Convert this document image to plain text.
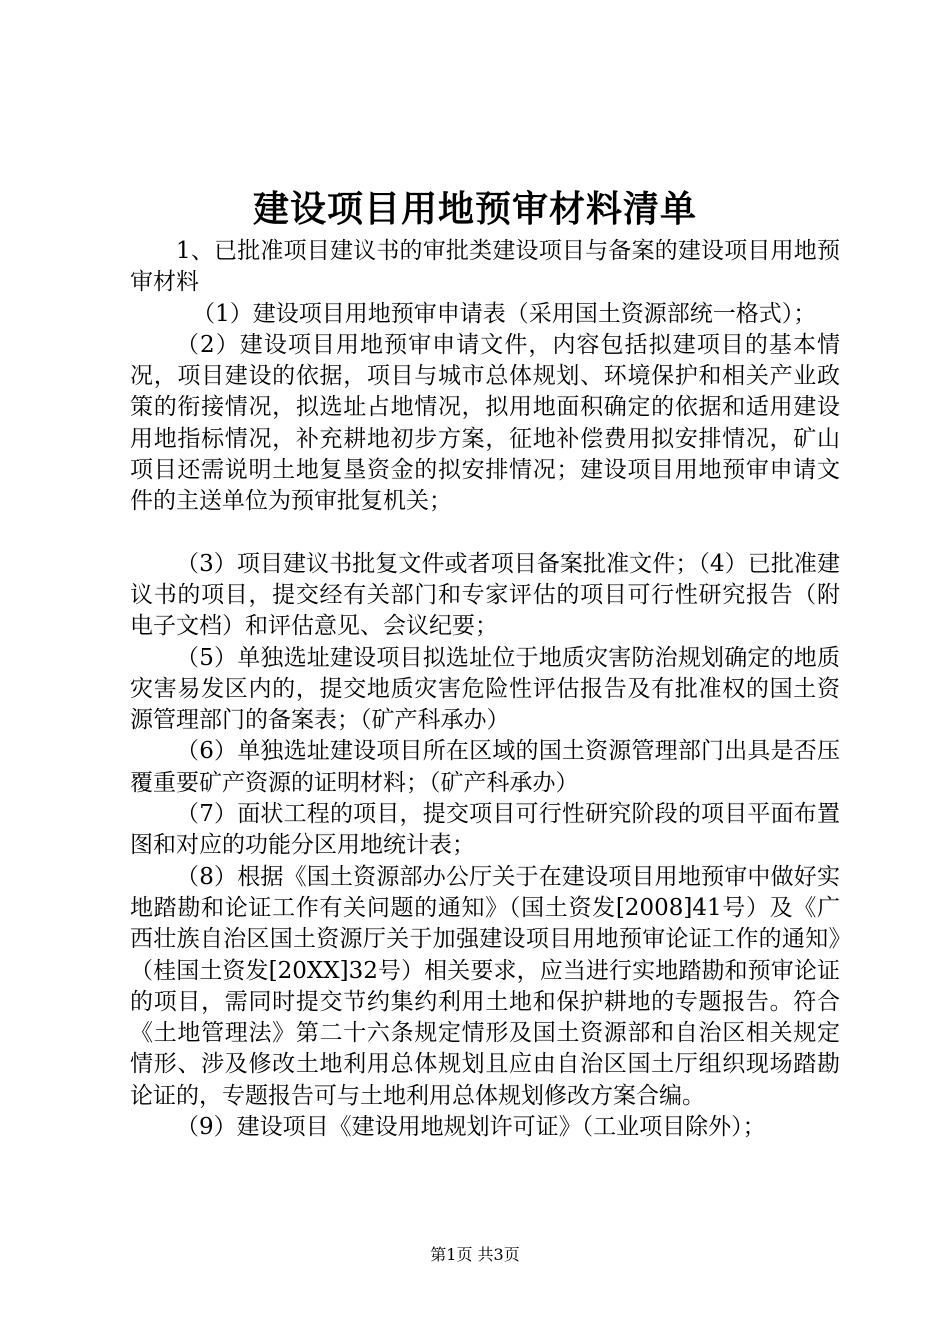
建设项目用地预审材料清单

1、已批准项目建议书的审批类建设项目与备案的建设项目用地预审材料

（1）建设项目用地预审申请表（采用国土资源部统一格式）；

（2）建设项目用地预审申请文件，内容包括拟建项目的基本情况，项目建设的依据，项目与城市总体规划、环境保护和相关产业政策的衔接情况，拟选址占地情况，拟用地面积确定的依据和适用建设用地指标情况，补充耕地初步方案，征地补偿费用拟安排情况，矿山项目还需说明土地复垦资金的拟安排情况；建设项目用地预审申请文件的主送单位为预审批复机关；

（3）项目建议书批复文件或者项目备案批准文件；（4）已批准建议书的项目，提交经有关部门和专家评估的项目可行性研究报告（附电子文档）和评估意见、会议纪要；

（5）单独选址建设项目拟选址位于地质灾害防治规划确定的地质灾害易发区内的，提交地质灾害危险性评估报告及有批准权的国土资源管理部门的备案表；（矿产科承办）

（6）单独选址建设项目所在区域的国土资源管理部门出具是否压覆重要矿产资源的证明材料；（矿产科承办）

（7）面状工程的项目，提交项目可行性研究阶段的项目平面布置图和对应的功能分区用地统计表；

（8）根据《国土资源部办公厅关于在建设项目用地预审中做好实地踏勘和论证工作有关问题的通知》（国土资发[2008]41号）及《广西壮族自治区国土资源厅关于加强建设项目用地预审论证工作的通知》（桂国土资发[20XX]32号）相关要求，应当进行实地踏勘和预审论证的项目，需同时提交节约集约利用土地和保护耕地的专题报告。符合《土地管理法》第二十六条规定情形及国土资源部和自治区相关规定情形、涉及修改土地利用总体规划且应由自治区国土厅组织现场踏勘论证的，专题报告可与土地利用总体规划修改方案合编。

（9）建设项目《建设用地规划许可证》（工业项目除外）；

第1页 共3页
